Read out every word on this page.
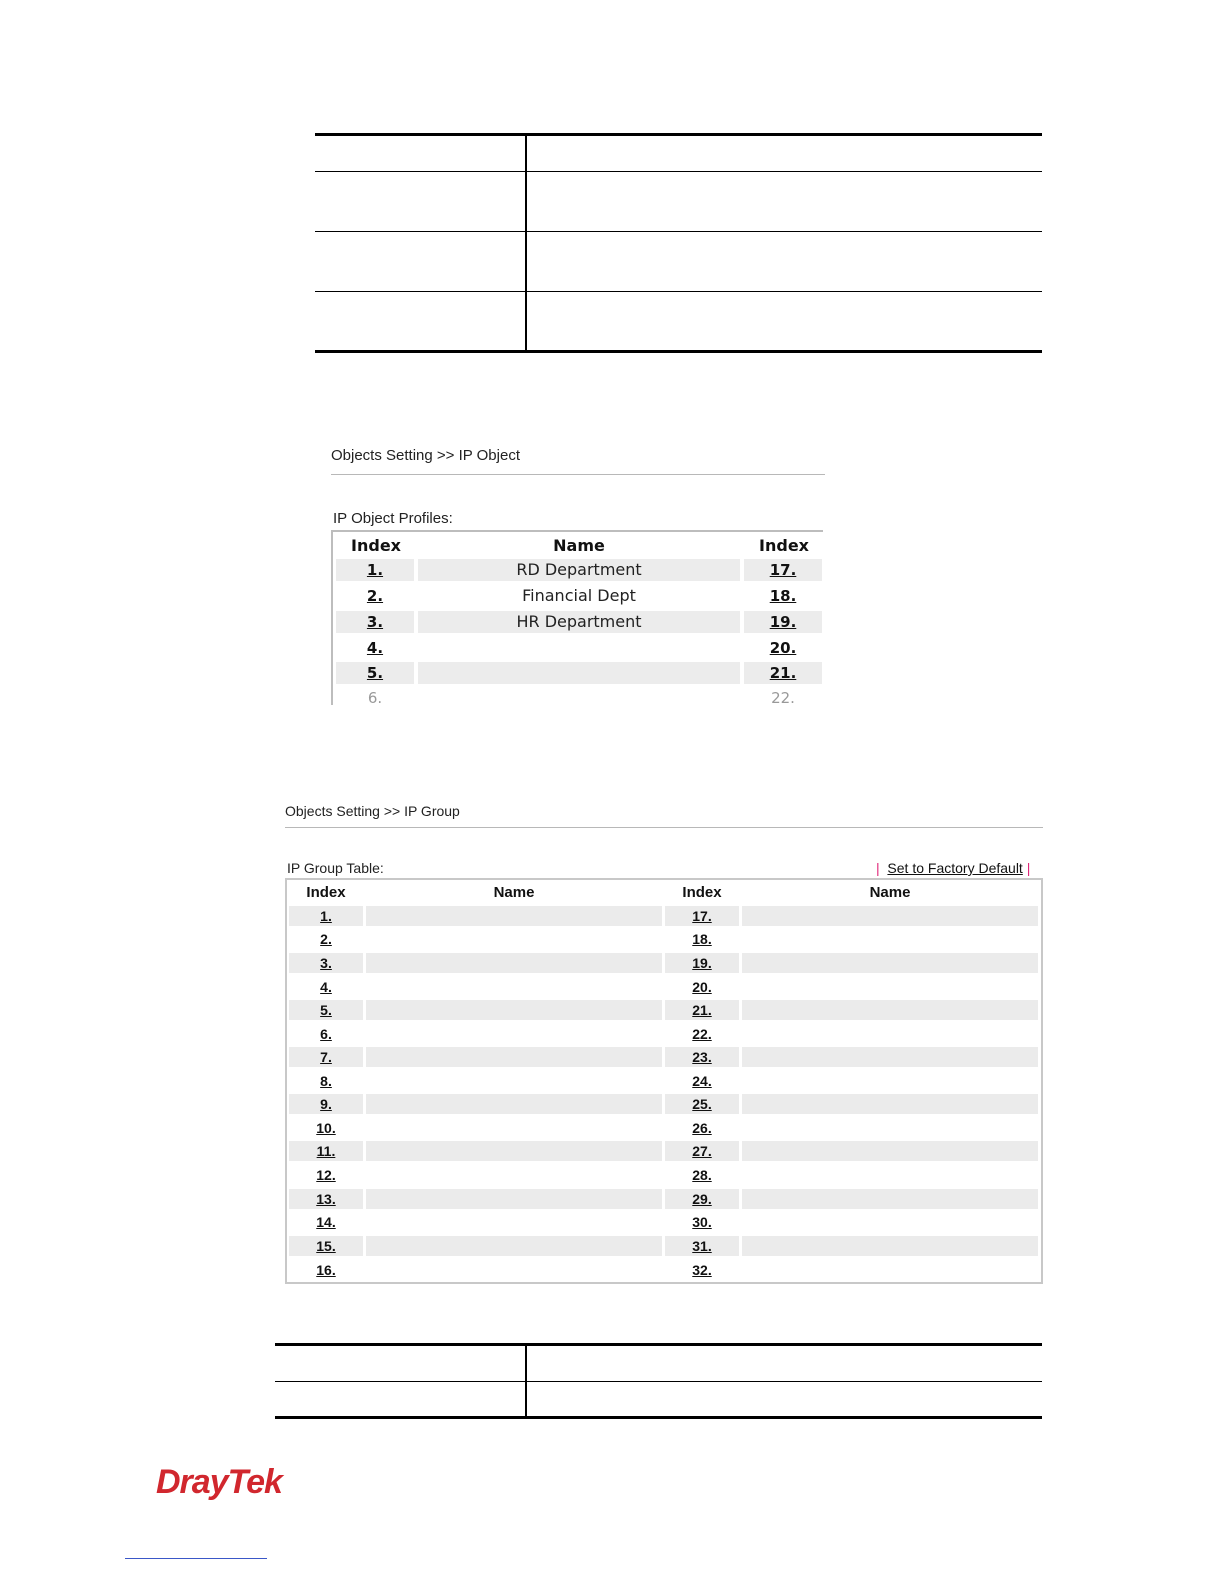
Objects Setting >> IP Object
IP Object Profiles:
Index	Name	Index
1.	RD Department	17.
2.	Financial Dept	18.
3.	HR Department	19.
4.	20.
5.	21.
6.	22.
Objects Setting >> IP Group
IP Group Table:	|  Set to Factory Default |
Index	Name	Index	Name
1.	17.
2.	18.
3.	19.
4.	20.
5.	21.
6.	22.
7.	23.
8.	24.
9.	25.
10.	26.
11.	27.
12.	28.
13.	29.
14.	30.
15.	31.
16.	32.
DrayTek
